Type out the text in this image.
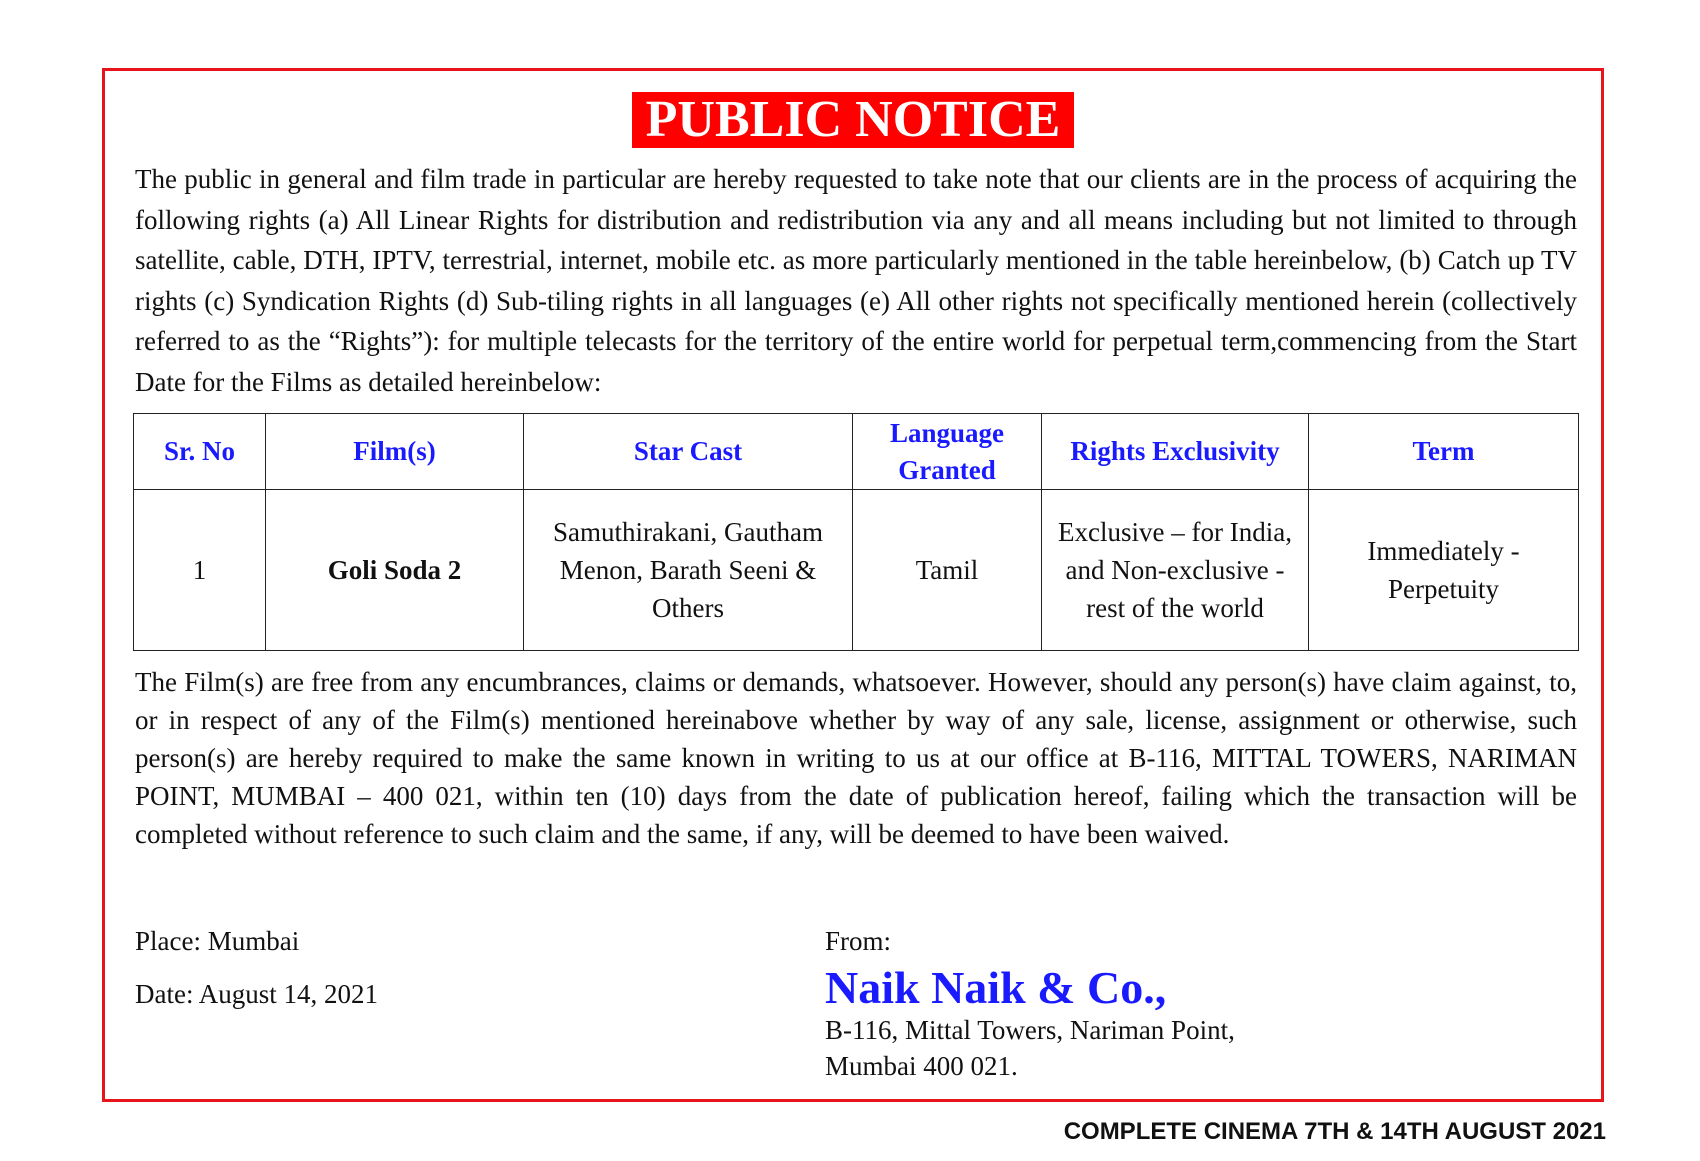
PUBLIC NOTICE

The public in general and film trade in particular are hereby requested to take note that our clients are in the process of acquiring the following rights (a) All Linear Rights for distribution and redistribution via any and all means including but not limited to through satellite, cable, DTH, IPTV, terrestrial, internet, mobile etc. as more particularly mentioned in the table hereinbelow, (b) Catch up TV rights (c) Syndication Rights (d) Sub-tiling rights in all languages (e) All other rights not specifically mentioned herein (collectively referred to as the “Rights”): for multiple telecasts for the territory of the entire world for perpetual term,commencing from the Start Date for the Films as detailed hereinbelow:

Sr. No	Film(s)	Star Cast	Language Granted	Rights Exclusivity	Term
1	Goli Soda 2	Samuthirakani, Gautham Menon, Barath Seeni & Others	Tamil	Exclusive – for India, and Non-exclusive - rest of the world	Immediately - Perpetuity

The Film(s) are free from any encumbrances, claims or demands, whatsoever. However, should any person(s) have claim against, to, or in respect of any of the Film(s) mentioned hereinabove whether by way of any sale, license, assignment or otherwise, such person(s) are hereby required to make the same known in writing to us at our office at B-116, MITTAL TOWERS, NARIMAN POINT, MUMBAI – 400 021, within ten (10) days from the date of publication hereof, failing which the transaction will be completed without reference to such claim and the same, if any, will be deemed to have been waived.

Place: Mumbai
Date: August 14, 2021
From:
Naik Naik & Co.,
B-116, Mittal Towers, Nariman Point,
Mumbai 400 021.
COMPLETE CINEMA 7TH & 14TH AUGUST 2021
